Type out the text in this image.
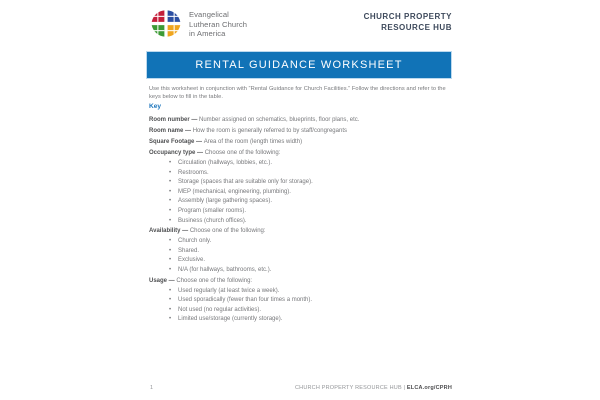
Evangelical
Lutheran Church
in America
CHURCH PROPERTY
RESOURCE HUB
RENTAL GUIDANCE WORKSHEET
Use this worksheet in conjunction with “Rental Guidance for Church Facilities.” Follow the directions and refer to the keys below to fill in the table.
Key
Room number — Number assigned on schematics, blueprints, floor plans, etc.
Room name — How the room is generally referred to by staff/congregants
Square Footage — Area of the room (length times width)
Occupancy type — Choose one of the following:
•	Circulation (hallways, lobbies, etc.).
•	Restrooms.
•	Storage (spaces that are suitable only for storage).
•	MEP (mechanical, engineering, plumbing).
•	Assembly (large gathering spaces).
•	Program (smaller rooms).
•	Business (church offices).
Availability — Choose one of the following:
•	Church only.
•	Shared.
•	Exclusive.
•	N/A (for hallways, bathrooms, etc.).
Usage — Choose one of the following:
•	Used regularly (at least twice a week).
•	Used sporadically (fewer than four times a month).
•	Not used (no regular activities).
•	Limited use/storage (currently storage).
1	CHURCH PROPERTY RESOURCE HUB | ELCA.org/CPRH
